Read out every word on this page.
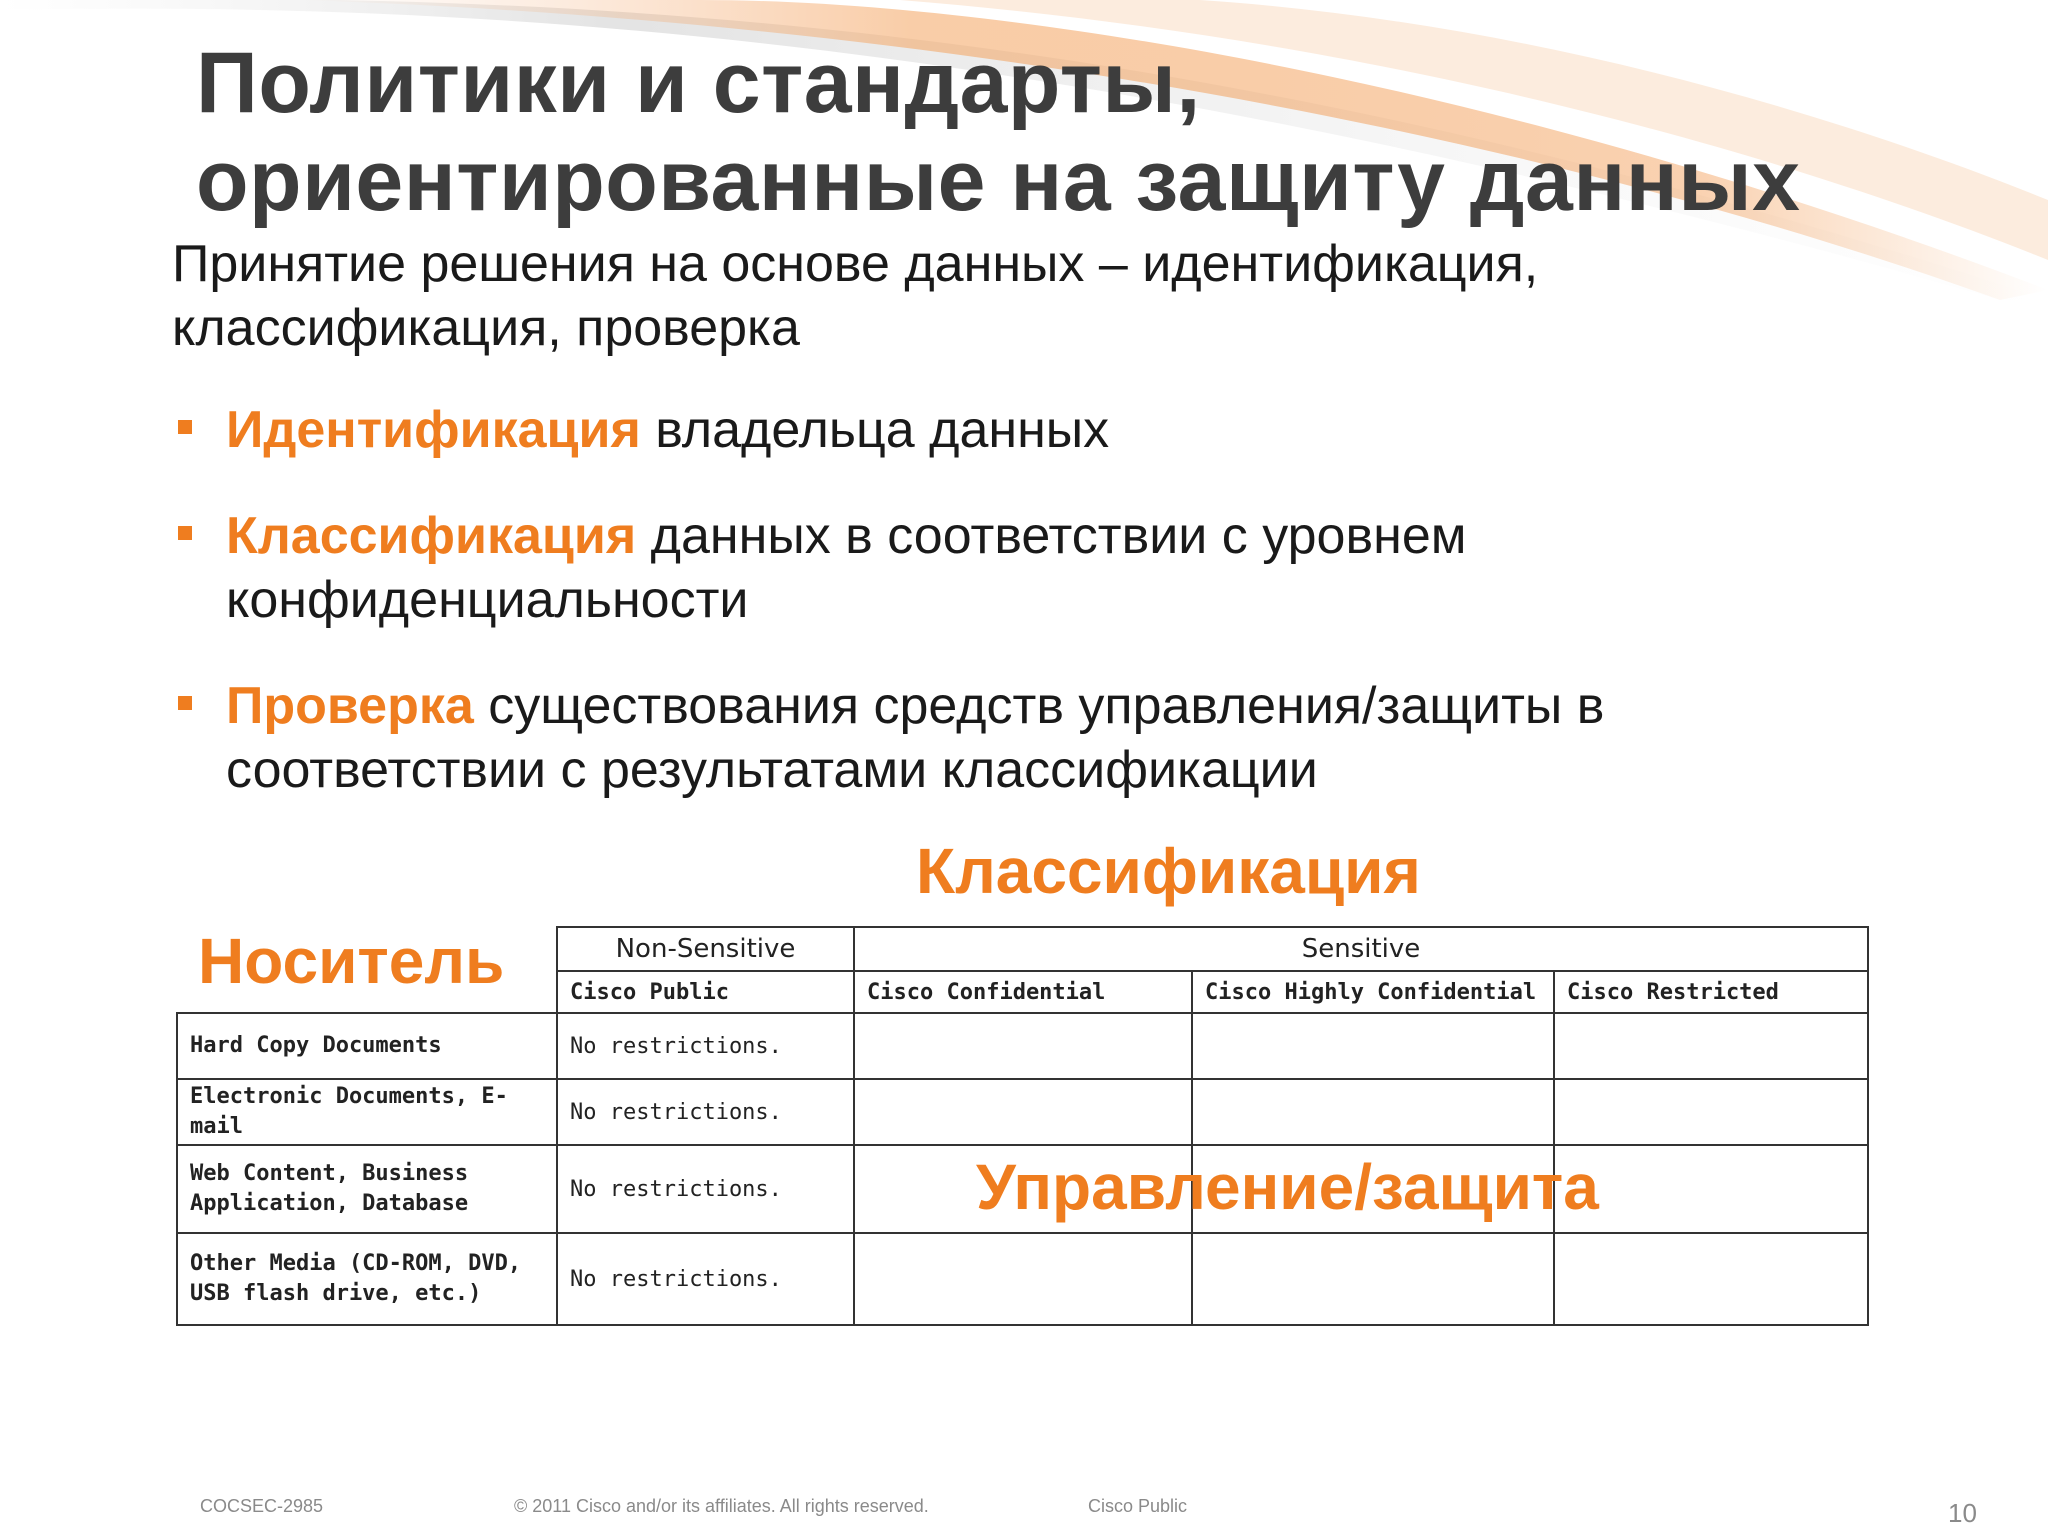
Политики и стандарты,
ориентированные на защиту данных

Принятие решения на основе данных – идентификация,
классификация, проверка

Идентификация владельца данных
Классификация данных в соответствии с уровнем конфиденциальности
Проверка существования средств управления/защиты в соответствии с результатами классификации

Классификация

Носитель

Управление/защита

	Non-Sensitive	Sensitive		
	Cisco Public	Cisco Confidential	Cisco Highly Confidential	Cisco Restricted
Hard Copy Documents	No restrictions.			
Electronic Documents, E-mail	No restrictions.			
Web Content, Business Application, Database	No restrictions.			
Other Media (CD-ROM, DVD, USB flash drive, etc.)	No restrictions.			

COCSEC-2985	© 2011 Cisco and/or its affiliates. All rights reserved.	Cisco Public	10
